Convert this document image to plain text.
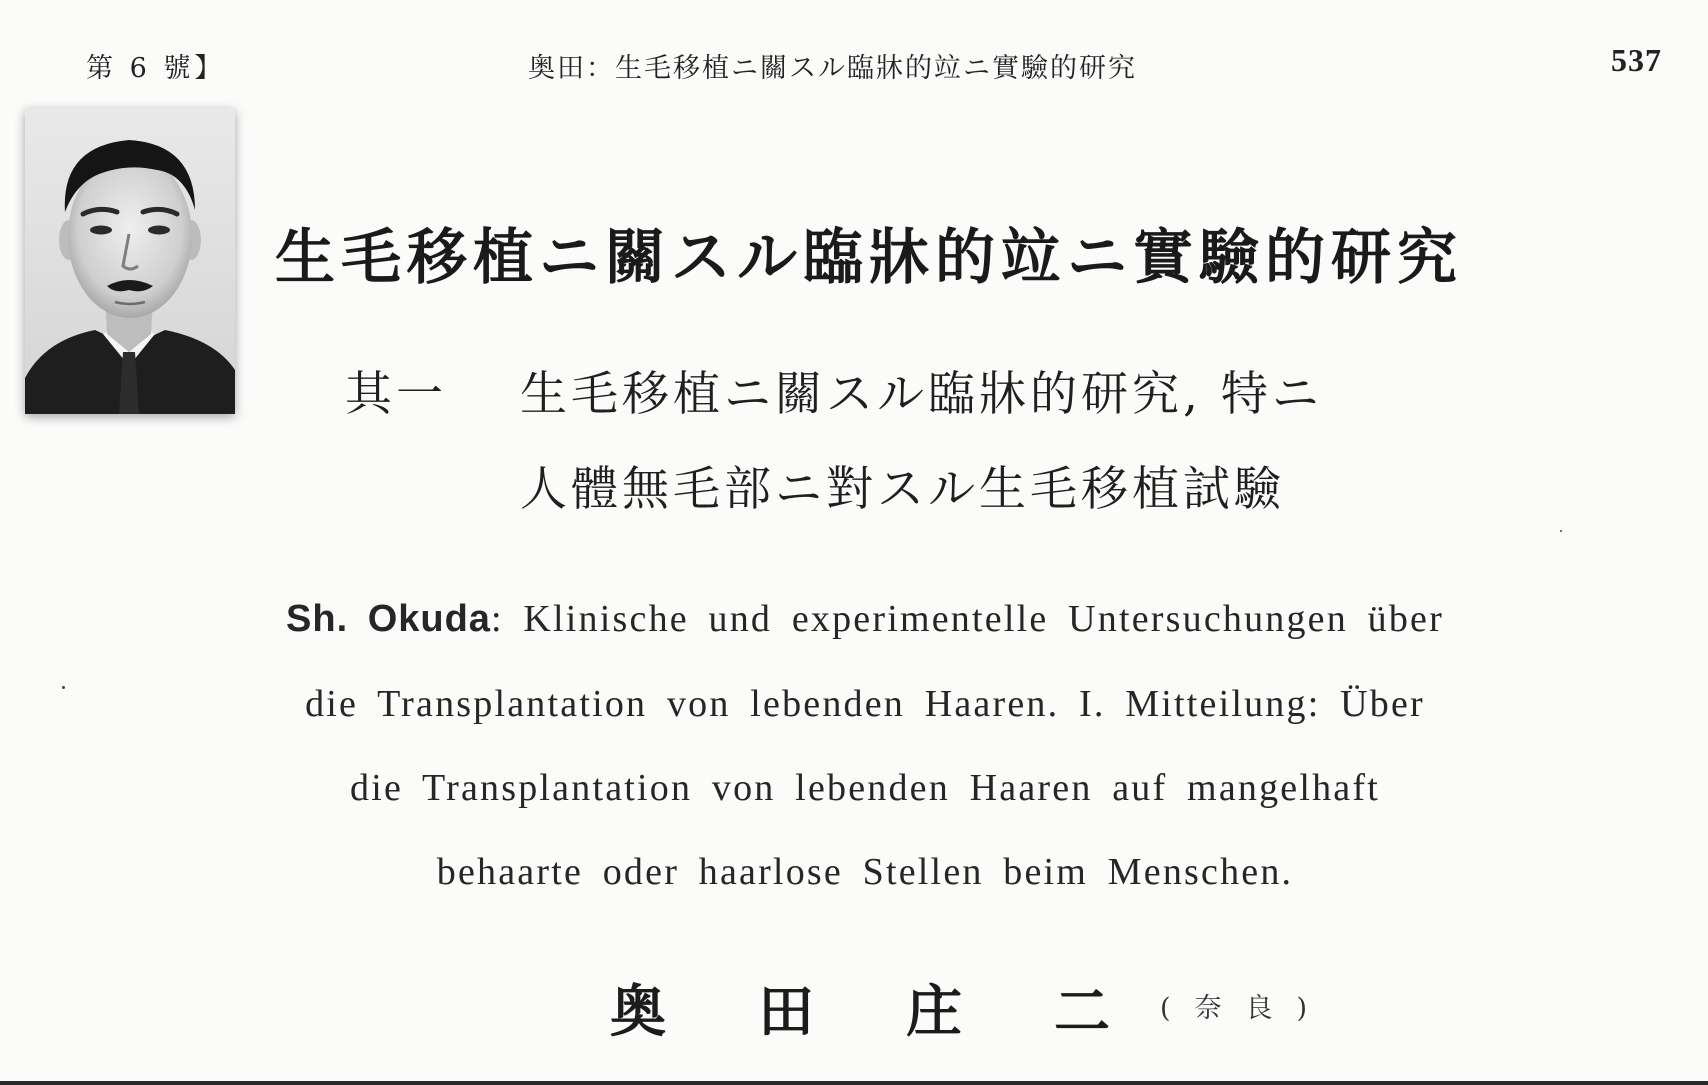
第 6 號】	奥田：生毛移植ニ關スル臨牀的竝ニ實驗的研究	537
生毛移植ニ關スル臨牀的竝ニ實驗的研究
其一 生毛移植ニ關スル臨牀的研究, 特ニ
人體無毛部ニ對スル生毛移植試驗
Sh. Okuda: Klinische und experimentelle Untersuchungen über
die Transplantation von lebenden Haaren. I. Mitteilung: Über
die Transplantation von lebenden Haaren auf mangelhaft
behaarte oder haarlose Stellen beim Menschen.
奥田庄二
(奈良)
